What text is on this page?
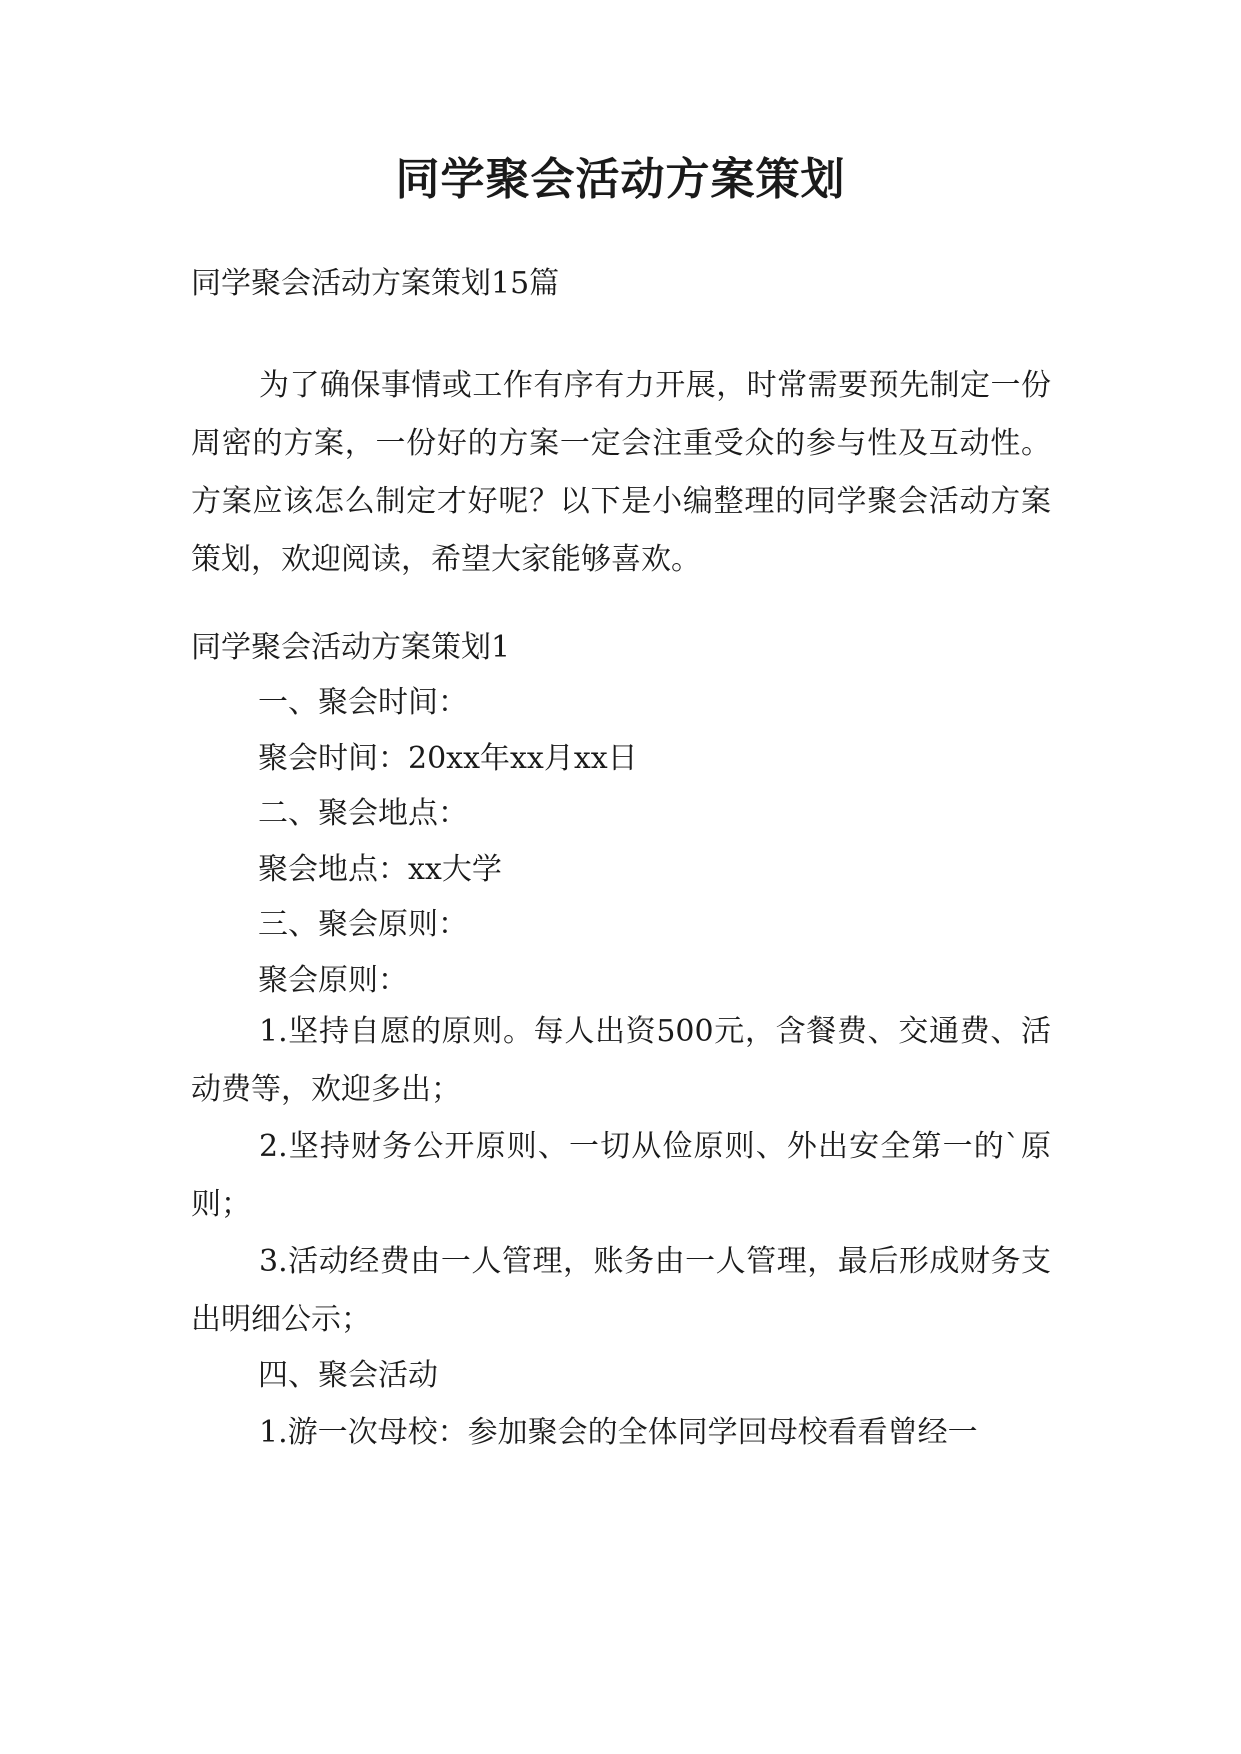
同学聚会活动方案策划

同学聚会活动方案策划15篇

为了确保事情或工作有序有力开展，时常需要预先制定一份周密的方案，一份好的方案一定会注重受众的参与性及互动性。方案应该怎么制定才好呢？以下是小编整理的同学聚会活动方案策划，欢迎阅读，希望大家能够喜欢。

同学聚会活动方案策划1

一、聚会时间：

聚会时间：20xx年xx月xx日

二、聚会地点：

聚会地点：xx大学

三、聚会原则：

聚会原则：

1.坚持自愿的原则。每人出资500元，含餐费、交通费、活动费等，欢迎多出；

2.坚持财务公开原则、一切从俭原则、外出安全第一的`原则；

3.活动经费由一人管理，账务由一人管理，最后形成财务支出明细公示；

四、聚会活动

1.游一次母校：参加聚会的全体同学回母校看看曾经一
